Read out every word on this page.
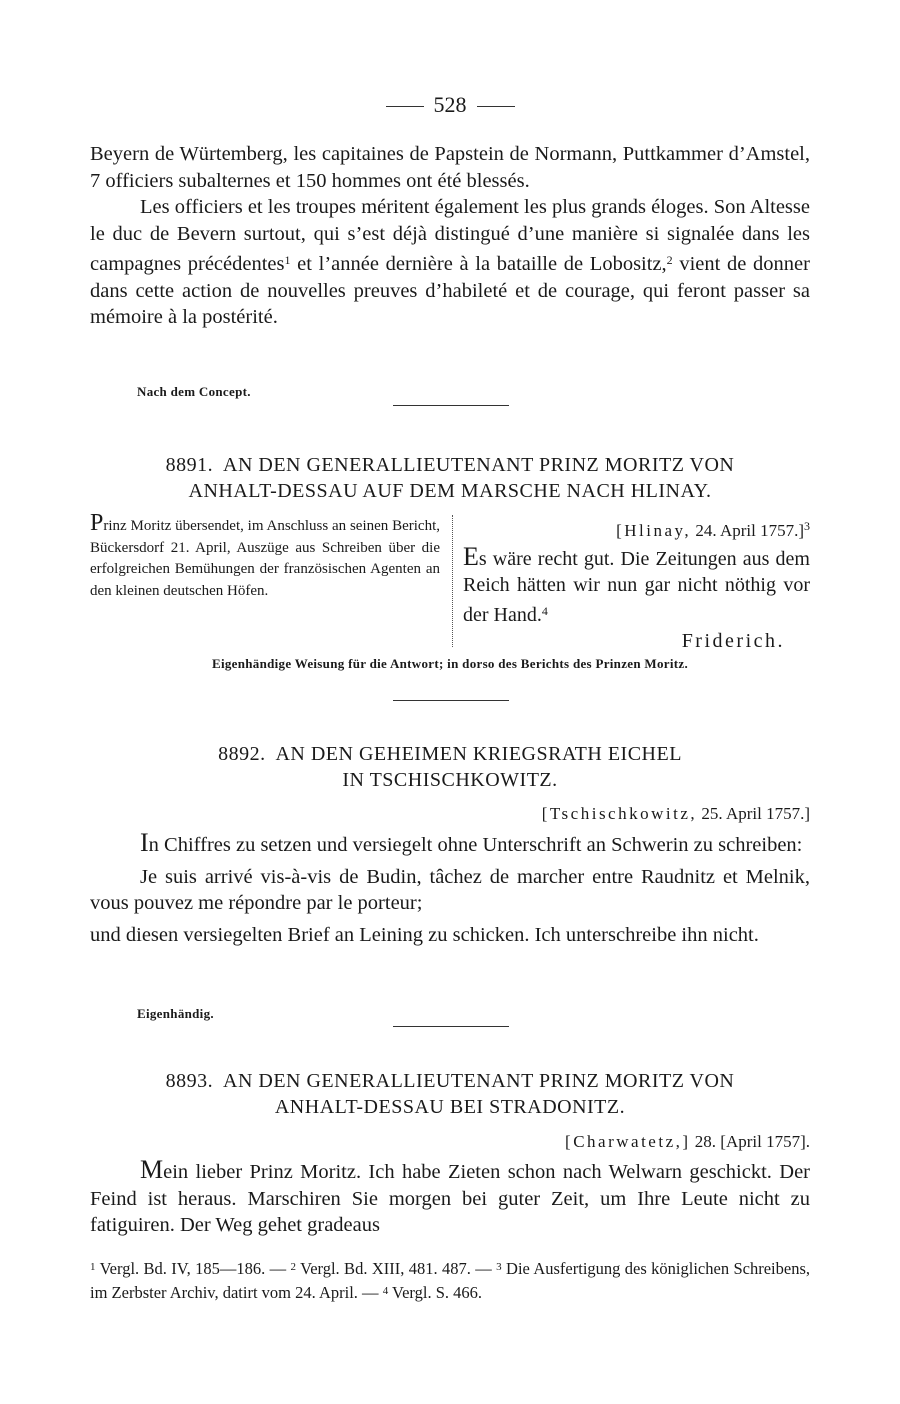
528

Beyern de Würtemberg, les capitaines de Papstein de Normann, Puttkammer d’Amstel, 7 officiers subalternes et 150 hommes ont été blessés.

Les officiers et les troupes méritent également les plus grands éloges. Son Altesse le duc de Bevern surtout, qui s’est déjà distingué d’une manière si signalée dans les campagnes précédentes$^1$ et l’année dernière à la bataille de Lobositz,$^2$ vient de donner dans cette action de nouvelles preuves d’habileté et de courage, qui feront passer sa mémoire à la postérité.

Nach dem Concept.
8891. AN DEN GENERALLIEUTENANT PRINZ MORITZ VON
ANHALT-DESSAU AUF DEM MARSCHE NACH HLINAY.
Prinz Moritz übersendet, im Anschluss an seinen Bericht, Bückersdorf 21. April, Auszüge aus Schreiben über die erfolgreichen Bemühungen der französischen Agenten an den kleinen deutschen Höfen.
[Hlinay, 24. April 1757.]$^3$
Es wäre recht gut. Die Zeitungen aus dem Reich hätten wir nun gar nicht nöthig vor der Hand.$^4$
Friderich.
Eigenhändige Weisung für die Antwort; in dorso des Berichts des Prinzen Moritz.
8892. AN DEN GEHEIMEN KRIEGSRATH EICHEL
IN TSCHISCHKOWITZ.
[Tschischkowitz, 25. April 1757.]

In Chiffres zu setzen und versiegelt ohne Unterschrift an Schwerin zu schreiben:

Je suis arrivé vis-à-vis de Budin, tâchez de marcher entre Raudnitz et Melnik, vous pouvez me répondre par le porteur;

und diesen versiegelten Brief an Leining zu schicken. Ich unterschreibe ihn nicht.

Eigenhändig.
8893. AN DEN GENERALLIEUTENANT PRINZ MORITZ VON
ANHALT-DESSAU BEI STRADONITZ.
[Charwatetz,] 28. [April 1757].

Mein lieber Prinz Moritz. Ich habe Zieten schon nach Welwarn geschickt. Der Feind ist heraus. Marschiren Sie morgen bei guter Zeit, um Ihre Leute nicht zu fatiguiren. Der Weg gehet gradeaus

$^1$ Vergl. Bd. IV, 185—186. — $^2$ Vergl. Bd. XIII, 481. 487. — $^3$ Die Ausfertigung des königlichen Schreibens, im Zerbster Archiv, datirt vom 24. April. — $^4$ Vergl. S. 466.
